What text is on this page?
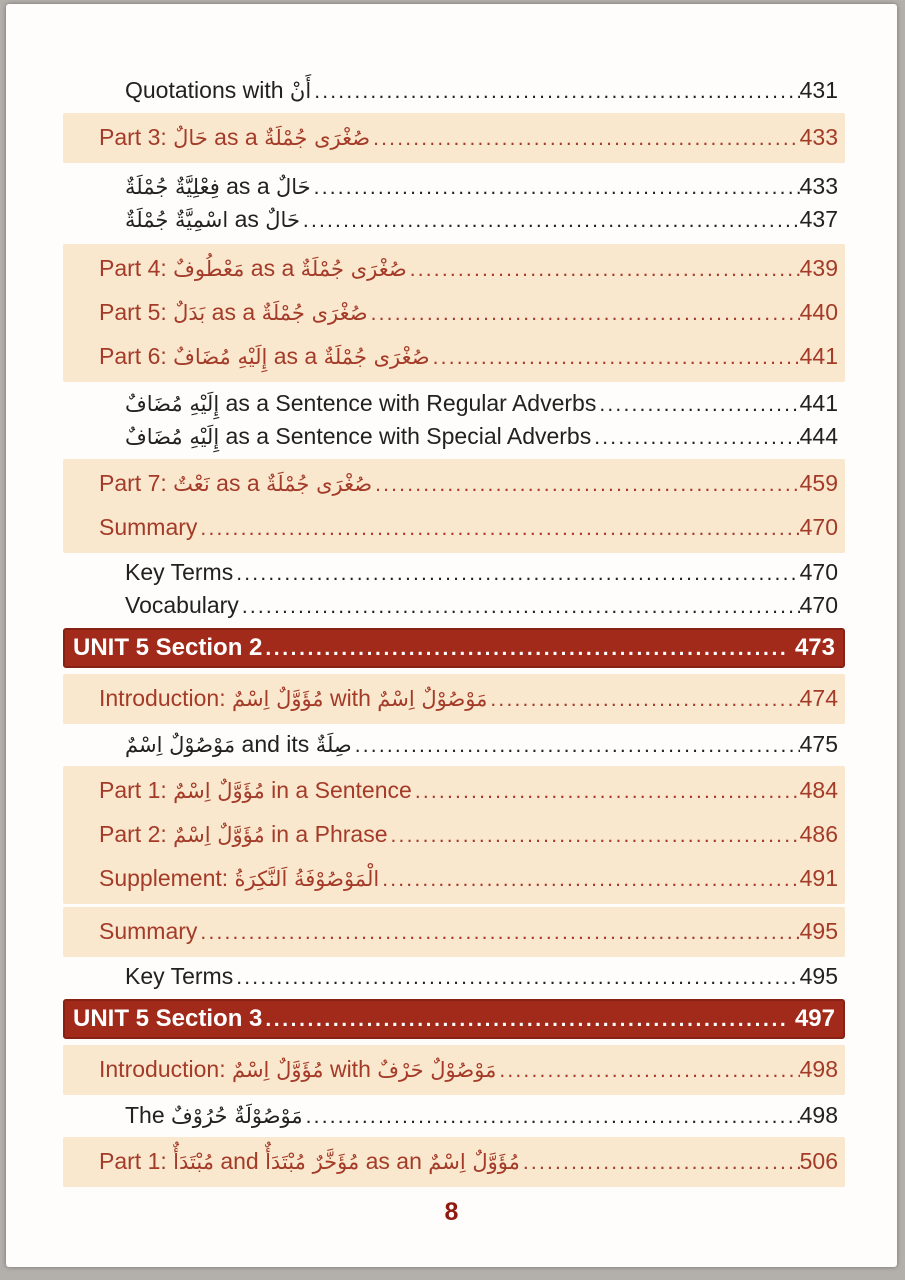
Quotations with أَنْ .....	431
Part 3: حَالٌ as a جُمْلَةٌ صُغْرَى .....	433
جُمْلَةٌ فِعْلِيَّةٌ as a حَالٌ .....	433
جُمْلَةٌ اسْمِيَّةٌ as حَالٌ .....	437
Part 4: مَعْطُوفٌ as a جُمْلَةٌ صُغْرَى .....	439
Part 5: بَدَلٌ as a جُمْلَةٌ صُغْرَى .....	440
Part 6: مُضَافٌ إِلَيْهِ as a جُمْلَةٌ صُغْرَى .....	441
مُضَافٌ إِلَيْهِ as a Sentence with Regular Adverbs .....	441
مُضَافٌ إِلَيْهِ as a Sentence with Special Adverbs .....	444
Part 7: نَعْتٌ as a جُمْلَةٌ صُغْرَى .....	459
Summary .....	470
Key Terms .....	470
Vocabulary .....	470
UNIT 5 Section 2 .....	473
Introduction: اِسْمٌ مُؤَوَّلٌ with اِسْمٌ مَوْصُوْلٌ .....	474
اِسْمٌ مَوْصُوْلٌ and its صِلَةٌ .....	475
Part 1: اِسْمٌ مُؤَوَّلٌ in a Sentence .....	484
Part 2: اِسْمٌ مُؤَوَّلٌ in a Phrase .....	486
Supplement: اَلنَّكِرَةُ الْمَوْصُوْفَةُ .....	491
Summary .....	495
Key Terms .....	495
UNIT 5 Section 3 .....	497
Introduction: اِسْمٌ مُؤَوَّلٌ with حَرْفٌ مَوْصُوْلٌ .....	498
The حُرُوْفٌ مَوْصُوْلَةٌ .....	498
Part 1: مُبْتَدَأٌ and مُبْتَدَأٌ مُؤَخَّرٌ as an اِسْمٌ مُؤَوَّلٌ .....	506
8
